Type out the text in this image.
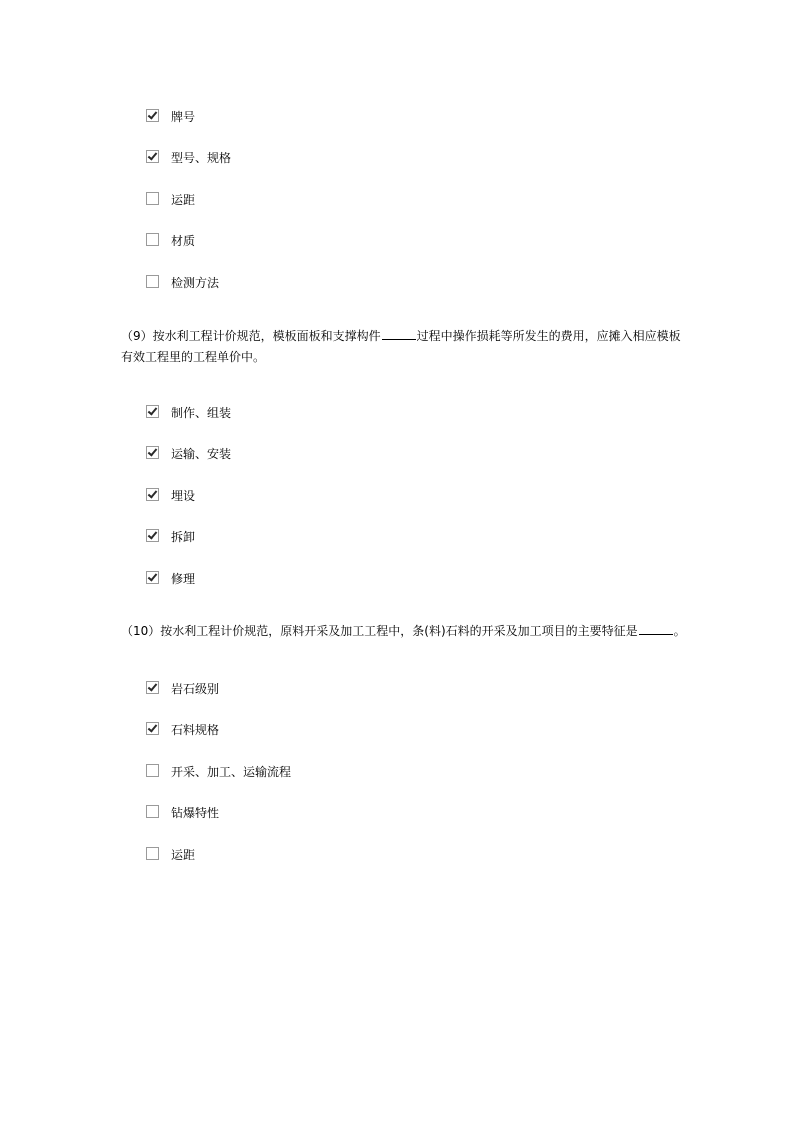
牌号
型号、规格
运距
材质
检测方法
（9）按水利工程计价规范，模板面板和支撑构件	过程中操作损耗等所发生的费用，应摊入相应模板有效工程里的工程单价中。
制作、组装
运输、安装
埋设
拆卸
修理
（10）按水利工程计价规范，原料开采及加工工程中，条(料)石料的开采及加工项目的主要特征是	。
岩石级别
石料规格
开采、加工、运输流程
钻爆特性
运距
